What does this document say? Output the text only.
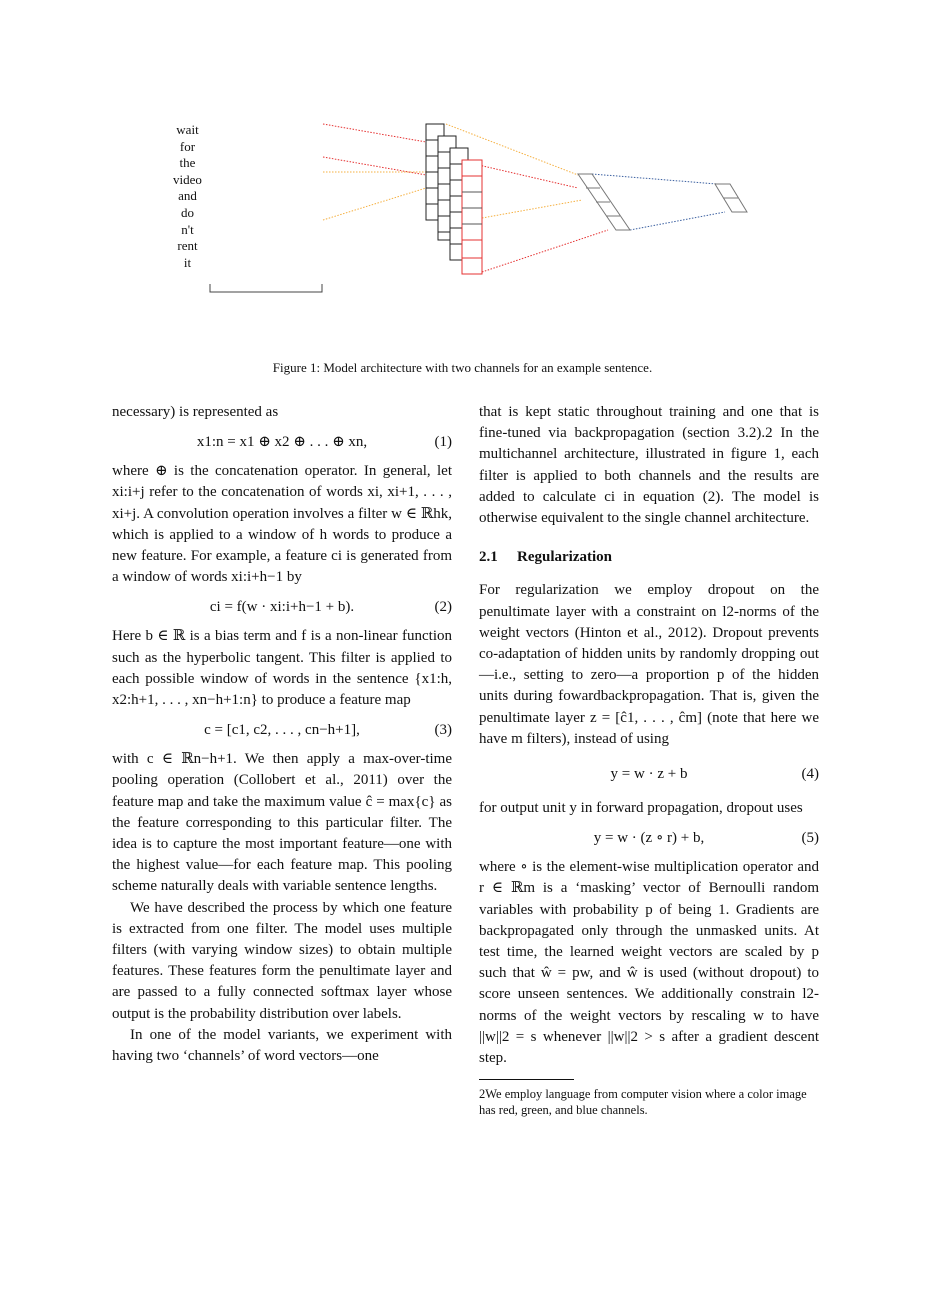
wait
for
the
video
and
do
n't
rent
it
Figure 1: Model architecture with two channels for an example sentence.

necessary) is represented as

x1:n = x1 ⊕ x2 ⊕ . . . ⊕ xn,	(1)

where ⊕ is the concatenation operator. In general, let xi:i+j refer to the concatenation of words xi, xi+1, . . . , xi+j. A convolution operation involves a filter w ∈ ℝhk, which is applied to a window of h words to produce a new feature. For example, a feature ci is generated from a window of words xi:i+h−1 by

ci = f(w · xi:i+h−1 + b).	(2)

Here b ∈ ℝ is a bias term and f is a non-linear function such as the hyperbolic tangent. This filter is applied to each possible window of words in the sentence {x1:h, x2:h+1, . . . , xn−h+1:n} to produce a feature map

c = [c1, c2, . . . , cn−h+1],	(3)

with c ∈ ℝn−h+1. We then apply a max-over-time pooling operation (Collobert et al., 2011) over the feature map and take the maximum value ĉ = max{c} as the feature corresponding to this particular filter. The idea is to capture the most important feature—one with the highest value—for each feature map. This pooling scheme naturally deals with variable sentence lengths.

We have described the process by which one feature is extracted from one filter. The model uses multiple filters (with varying window sizes) to obtain multiple features. These features form the penultimate layer and are passed to a fully connected softmax layer whose output is the probability distribution over labels.

In one of the model variants, we experiment with having two ‘channels’ of word vectors—one

that is kept static throughout training and one that is fine-tuned via backpropagation (section 3.2).2 In the multichannel architecture, illustrated in figure 1, each filter is applied to both channels and the results are added to calculate ci in equation (2). The model is otherwise equivalent to the single channel architecture.

2.1 Regularization

For regularization we employ dropout on the penultimate layer with a constraint on l2-norms of the weight vectors (Hinton et al., 2012). Dropout prevents co-adaptation of hidden units by randomly dropping out—i.e., setting to zero—a proportion p of the hidden units during fowardbackpropagation. That is, given the penultimate layer z = [ĉ1, . . . , ĉm] (note that here we have m filters), instead of using

y = w · z + b	(4)

for output unit y in forward propagation, dropout uses

y = w · (z ∘ r) + b,	(5)

where ∘ is the element-wise multiplication operator and r ∈ ℝm is a ‘masking’ vector of Bernoulli random variables with probability p of being 1. Gradients are backpropagated only through the unmasked units. At test time, the learned weight vectors are scaled by p such that ŵ = pw, and ŵ is used (without dropout) to score unseen sentences. We additionally constrain l2-norms of the weight vectors by rescaling w to have ||w||2 = s whenever ||w||2 > s after a gradient descent step.

2We employ language from computer vision where a color image has red, green, and blue channels.
